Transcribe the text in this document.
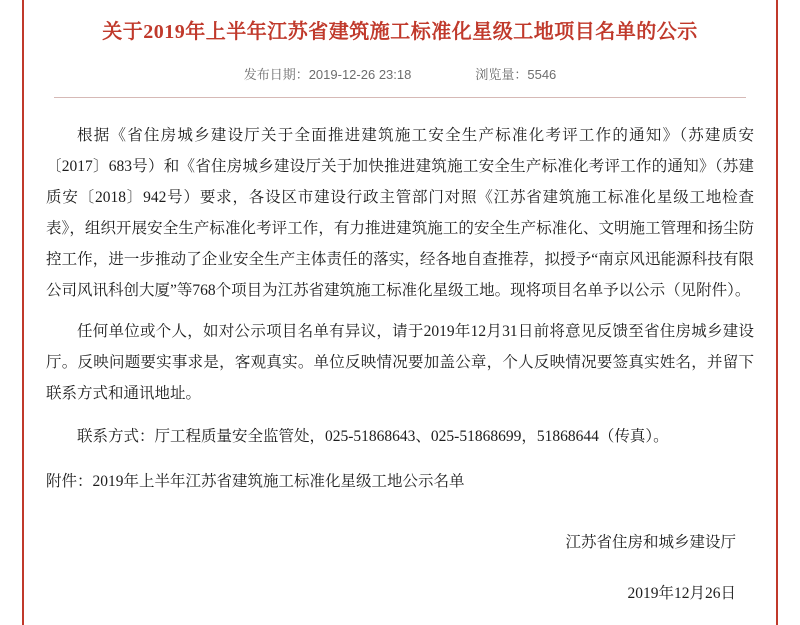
关于2019年上半年江苏省建筑施工标准化星级工地项目名单的公示
发布日期：2019-12-26 23:18	浏览量：5546

根据《省住房城乡建设厅关于全面推进建筑施工安全生产标准化考评工作的通知》（苏建质安〔2017〕683号）和《省住房城乡建设厅关于加快推进建筑施工安全生产标准化考评工作的通知》（苏建质安〔2018〕942号）要求，各设区市建设行政主管部门对照《江苏省建筑施工标准化星级工地检查表》，组织开展安全生产标准化考评工作，有力推进建筑施工的安全生产标准化、文明施工管理和扬尘防控工作，进一步推动了企业安全生产主体责任的落实，经各地自查推荐，拟授予“南京风迅能源科技有限公司风讯科创大厦”等768个项目为江苏省建筑施工标准化星级工地。现将项目名单予以公示（见附件）。

任何单位或个人，如对公示项目名单有异议，请于2019年12月31日前将意见反馈至省住房城乡建设厅。反映问题要实事求是，客观真实。单位反映情况要加盖公章，个人反映情况要签真实姓名，并留下联系方式和通讯地址。

联系方式：厅工程质量安全监管处，025-51868643、025-51868699，51868644（传真）。

附件：2019年上半年江苏省建筑施工标准化星级工地公示名单

江苏省住房和城乡建设厅
2019年12月26日
